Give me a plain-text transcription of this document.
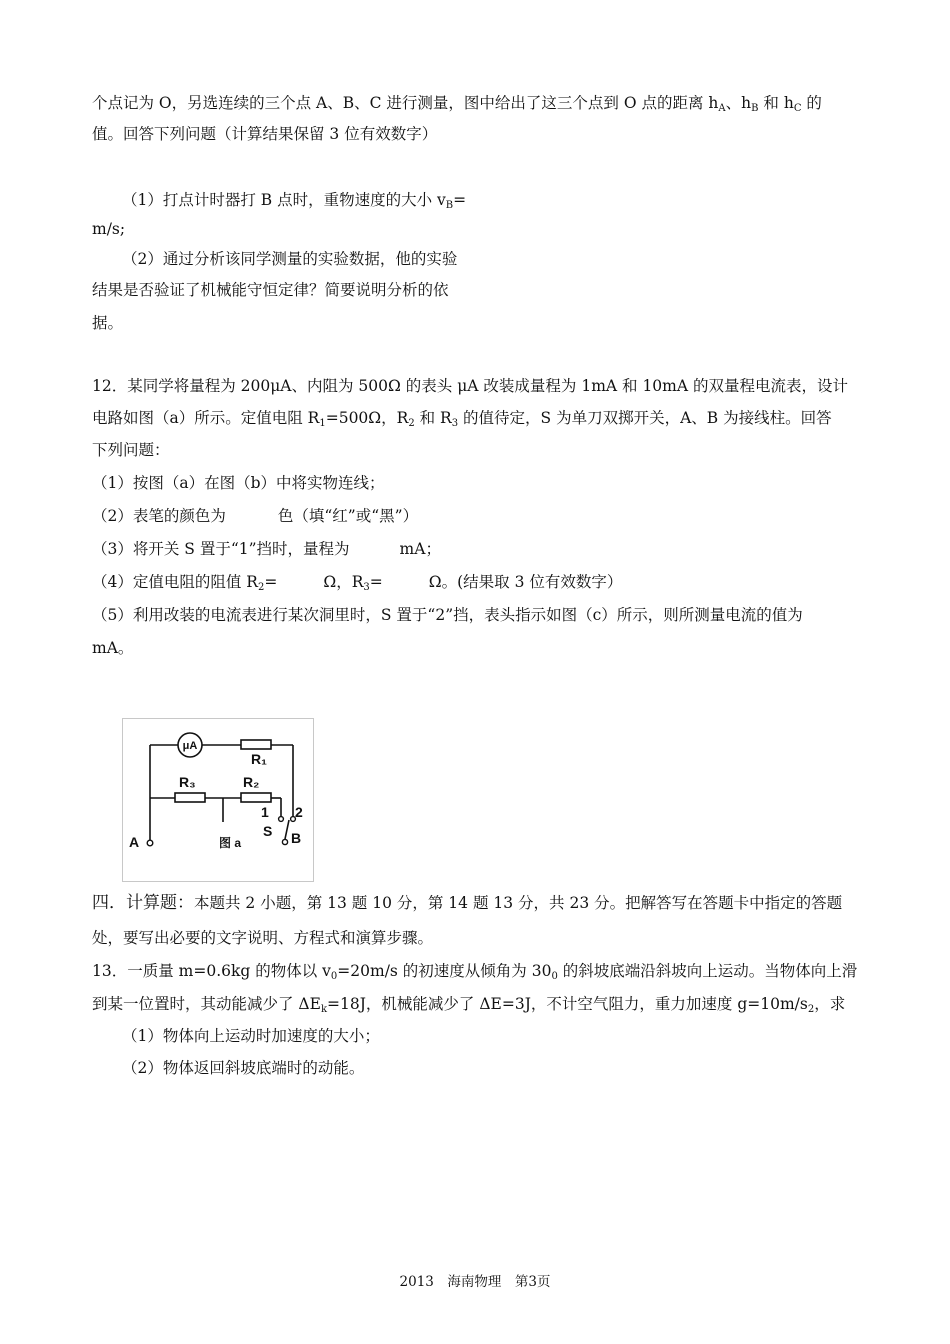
个点记为 O，另选连续的三个点 A、B、C 进行测量，图中给出了这三个点到 O 点的距离 $h_A$、$h_B$ 和 $h_C$ 的
值。回答下列问题（计算结果保留 3 位有效数字）
（1）打点计时器打 B 点时，重物速度的大小 $v_B=$
m/s;
（2）通过分析该同学测量的实验数据，他的实验
结果是否验证了机械能守恒定律？简要说明分析的依
据。
12．某同学将量程为 200μA、内阻为 500Ω 的表头 μA 改装成量程为 1mA 和 10mA 的双量程电流表，设计
电路如图（a）所示。定值电阻 $R_1=500\Omega$，$R_2$ 和 $R_3$ 的值待定，S 为单刀双掷开关，A、B 为接线柱。回答
下列问题：
（1）按图（a）在图（b）中将实物连线；
（2）表笔的颜色为	色（填“红”或“黑”）
（3）将开关 S 置于“1”挡时，量程为	mA；
（4）定值电阻的阻值 $R_2=$	Ω，$R_3=$	Ω。(结果取 3 位有效数字）
（5）利用改装的电流表进行某次洞里时，S 置于“2”挡，表头指示如图（c）所示，则所测量电流的值为
mA。
μA
R₁
R₃	R₂
1 2
S B
A	图 a
四．计算题：本题共 2 小题，第 13 题 10 分，第 14 题 13 分，共 23 分。把解答写在答题卡中指定的答题
处，要写出必要的文字说明、方程式和演算步骤。
13．一质量 m=0.6kg 的物体以 $v_0=20m/s$ 的初速度从倾角为 $30_0$ 的斜坡底端沿斜坡向上运动。当物体向上滑
到某一位置时，其动能减少了 $\Delta E_k=18J$，机械能减少了 ΔE=3J，不计空气阻力，重力加速度 $g=10m/s_2$，求
（1）物体向上运动时加速度的大小；
（2）物体返回斜坡底端时的动能。
2013　海南物理　第3页
